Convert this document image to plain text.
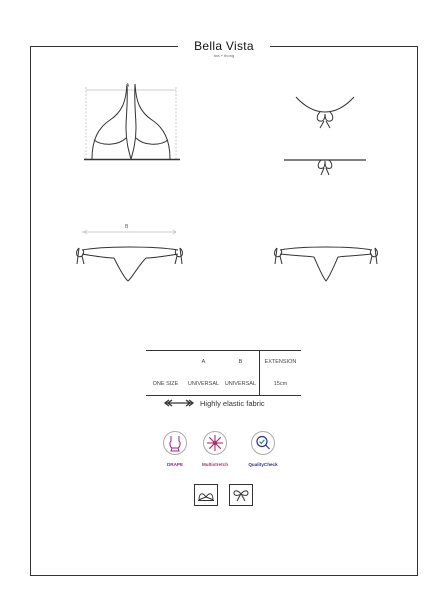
Bella Vista
bra + thong
A
B
	A	B	EXTENSION
ONE SIZE	UNIVERSAL	UNIVERSAL	15cm
Highly elastic fabric
DRAPE	Multistretch	QualityCheck
